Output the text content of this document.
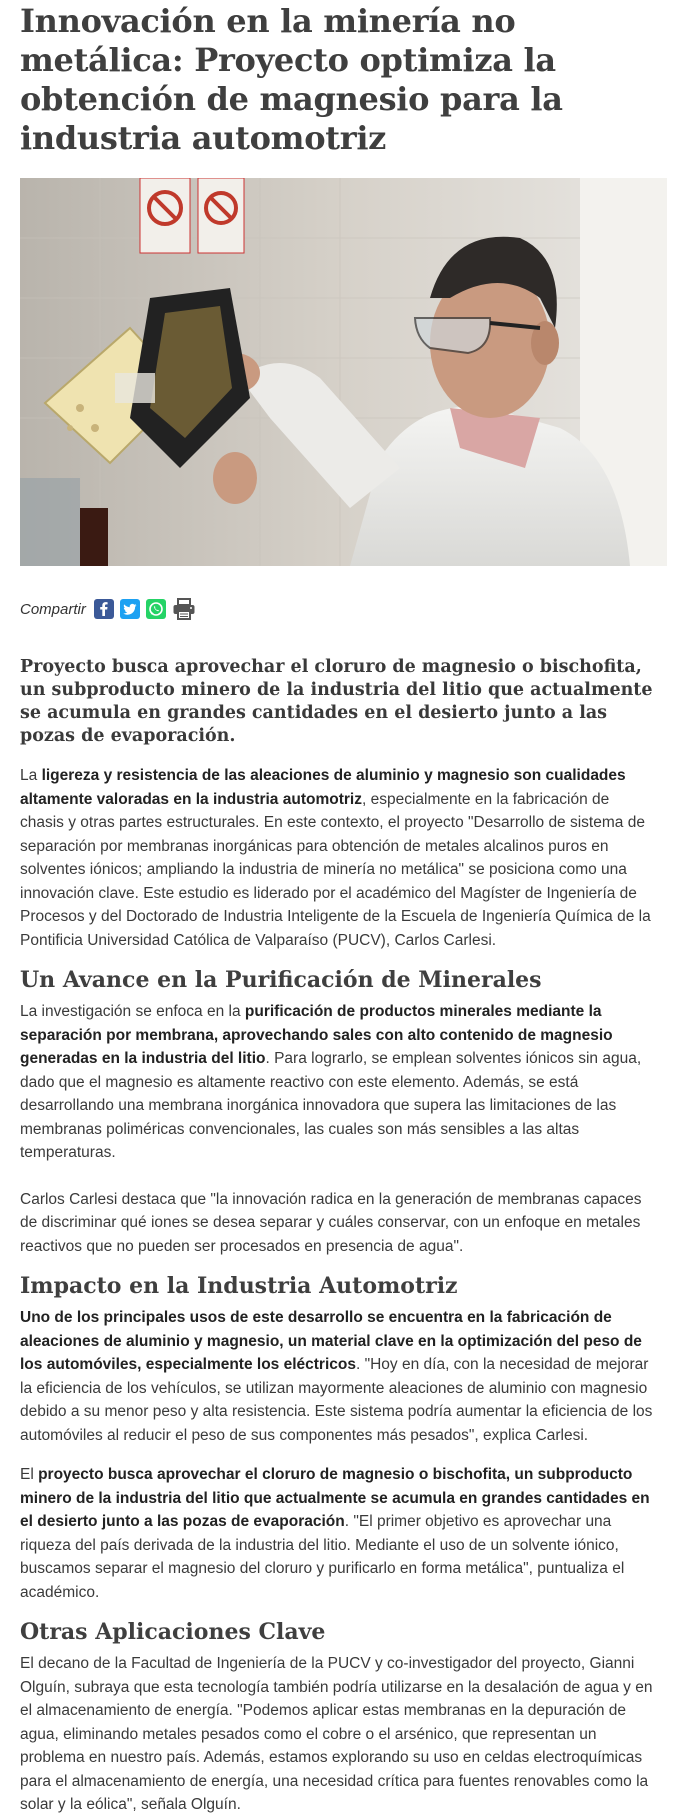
Innovación en la minería no metálica: Proyecto optimiza la obtención de magnesio para la industria automotriz
Compartir

Proyecto busca aprovechar el cloruro de magnesio o bischofita, un subproducto minero de la industria del litio que actualmente se acumula en grandes cantidades en el desierto junto a las pozas de evaporación.

La ligereza y resistencia de las aleaciones de aluminio y magnesio son cualidades altamente valoradas en la industria automotriz, especialmente en la fabricación de chasis y otras partes estructurales. En este contexto, el proyecto "Desarrollo de sistema de separación por membranas inorgánicas para obtención de metales alcalinos puros en solventes iónicos; ampliando la industria de minería no metálica" se posiciona como una innovación clave. Este estudio es liderado por el académico del Magíster de Ingeniería de Procesos y del Doctorado de Industria Inteligente de la Escuela de Ingeniería Química de la Pontificia Universidad Católica de Valparaíso (PUCV), Carlos Carlesi.

Un Avance en la Purificación de Minerales

La investigación se enfoca en la purificación de productos minerales mediante la separación por membrana, aprovechando sales con alto contenido de magnesio generadas en la industria del litio. Para lograrlo, se emplean solventes iónicos sin agua, dado que el magnesio es altamente reactivo con este elemento. Además, se está desarrollando una membrana inorgánica innovadora que supera las limitaciones de las membranas poliméricas convencionales, las cuales son más sensibles a las altas temperaturas.

Carlos Carlesi destaca que "la innovación radica en la generación de membranas capaces de discriminar qué iones se desea separar y cuáles conservar, con un enfoque en metales reactivos que no pueden ser procesados en presencia de agua".

Impacto en la Industria Automotriz

Uno de los principales usos de este desarrollo se encuentra en la fabricación de aleaciones de aluminio y magnesio, un material clave en la optimización del peso de los automóviles, especialmente los eléctricos. "Hoy en día, con la necesidad de mejorar la eficiencia de los vehículos, se utilizan mayormente aleaciones de aluminio con magnesio debido a su menor peso y alta resistencia. Este sistema podría aumentar la eficiencia de los automóviles al reducir el peso de sus componentes más pesados", explica Carlesi.

El proyecto busca aprovechar el cloruro de magnesio o bischofita, un subproducto minero de la industria del litio que actualmente se acumula en grandes cantidades en el desierto junto a las pozas de evaporación. "El primer objetivo es aprovechar una riqueza del país derivada de la industria del litio. Mediante el uso de un solvente iónico, buscamos separar el magnesio del cloruro y purificarlo en forma metálica", puntualiza el académico.

Otras Aplicaciones Clave

El decano de la Facultad de Ingeniería de la PUCV y co-investigador del proyecto, Gianni Olguín, subraya que esta tecnología también podría utilizarse en la desalación de agua y en el almacenamiento de energía. "Podemos aplicar estas membranas en la depuración de agua, eliminando metales pesados como el cobre o el arsénico, que representan un problema en nuestro país. Además, estamos explorando su uso en celdas electroquímicas para el almacenamiento de energía, una necesidad crítica para fuentes renovables como la solar y la eólica", señala Olguín.
